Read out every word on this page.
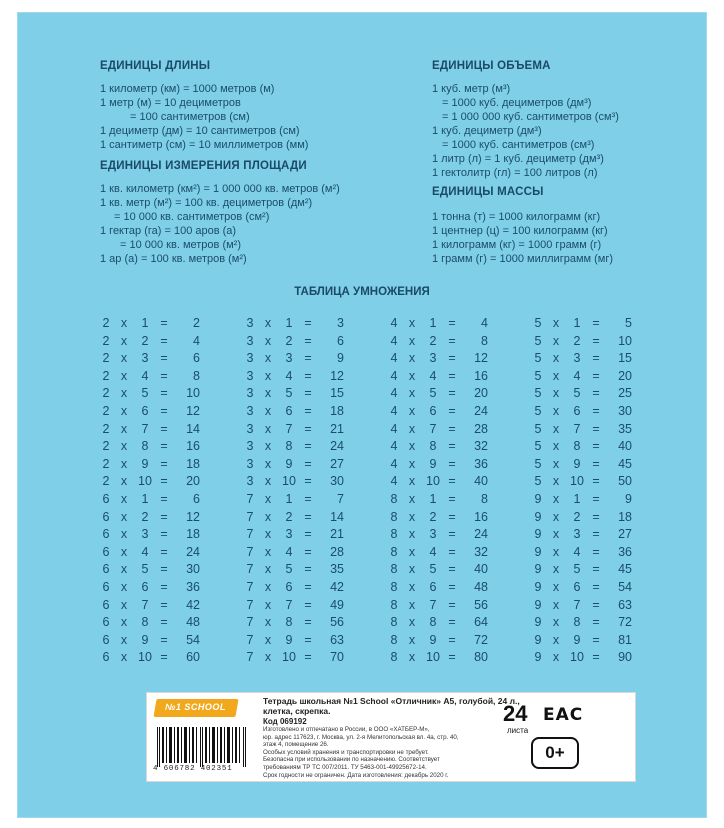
ЕДИНИЦЫ ДЛИНЫ
1 километр (км) = 1000 метров (м)
1 метр (м) = 10 дециметров
= 100 сантиметров (см)
1 дециметр (дм) = 10 сантиметров (см)
1 сантиметр (см) = 10 миллиметров (мм)
ЕДИНИЦЫ ИЗМЕРЕНИЯ ПЛОЩАДИ
1 кв. километр (км²) = 1 000 000 кв. метров (м²)
1 кв. метр (м²) = 100 кв. дециметров (дм²)
= 10 000 кв. сантиметров (см²)
1 гектар (га) = 100 аров (а)
= 10 000 кв. метров (м²)
1 ар (а) = 100 кв. метров (м²)
ЕДИНИЦЫ ОБЪЕМА
1 куб. метр (м³)
= 1000 куб. дециметров (дм³)
= 1 000 000 куб. сантиметров (см³)
1 куб. дециметр (дм³)
= 1000 куб. сантиметров (см³)
1 литр (л) = 1 куб. дециметр (дм³)
1 гектолитр (гл) = 100 литров (л)
ЕДИНИЦЫ МАССЫ
1 тонна (т) = 1000 килограмм (кг)
1 центнер (ц) = 100 килограмм (кг)
1 килограмм (кг) = 1000 грамм (г)
1 грамм (г) = 1000 миллиграмм (мг)
ТАБЛИЦА УМНОЖЕНИЯ
2 x	1 =	2
2 x	2 =	4
2 x	3 =	6
2 x	4 =	8
2 x	5 =	10
2 x	6 =	12
2 x	7 =	14
2 x	8 =	16
2 x	9 =	18
2 x 10 =	20
3 x	1 =	3
3 x	2 =	6
3 x	3 =	9
3 x	4 =	12
3 x	5 =	15
3 x	6 =	18
3 x	7 =	21
3 x	8 =	24
3 x	9 =	27
3 x 10 =	30
4 x	1 =	4
4 x	2 =	8
4 x	3 =	12
4 x	4 =	16
4 x	5 =	20
4 x	6 =	24
4 x	7 =	28
4 x	8 =	32
4 x	9 =	36
4 x 10 =	40
5 x	1 =	5
5 x	2 =	10
5 x	3 =	15
5 x	4 =	20
5 x	5 =	25
5 x	6 =	30
5 x	7 =	35
5 x	8 =	40
5 x	9 =	45
5 x 10 =	50
6 x	1 =	6
6 x	2 =	12
6 x	3 =	18
6 x	4 =	24
6 x	5 =	30
6 x	6 =	36
6 x	7 =	42
6 x	8 =	48
6 x	9 =	54
6 x 10 =	60
7 x	1 =	7
7 x	2 =	14
7 x	3 =	21
7 x	4 =	28
7 x	5 =	35
7 x	6 =	42
7 x	7 =	49
7 x	8 =	56
7 x	9 =	63
7 x 10 =	70
8 x	1 =	8
8 x	2 =	16
8 x	3 =	24
8 x	4 =	32
8 x	5 =	40
8 x	6 =	48
8 x	7 =	56
8 x	8 =	64
8 x	9 =	72
8 x 10 =	80
9 x	1 =	9
9 x	2 =	18
9 x	3 =	27
9 x	4 =	36
9 x	5 =	45
9 x	6 =	54
9 x	7 =	63
9 x	8 =	72
9 x	9 =	81
9 x 10 =	90
№1 SCHOOL
4 606782 402351
Тетрадь школьная №1 School «Отличник» А5, голубой, 24 л., клетка, скрепка.
Код 069192
Изготовлено и отпечатано в России, в ООО «ХАТБЕР-М»,
юр. адрес 117623, г. Москва, ул. 2-я Мелитопольская вл. 4а, стр. 40,
этаж 4, помещение 26.
Особых условий хранения и транспортировки не требует.
Безопасна при использовании по назначению. Соответствует
требованиям ТР ТС 007/2011. ТУ 5463-001-49925672-14.
Срок годности не ограничен. Дата изготовления: декабрь 2020 г.
24
листа
EAC
0+
